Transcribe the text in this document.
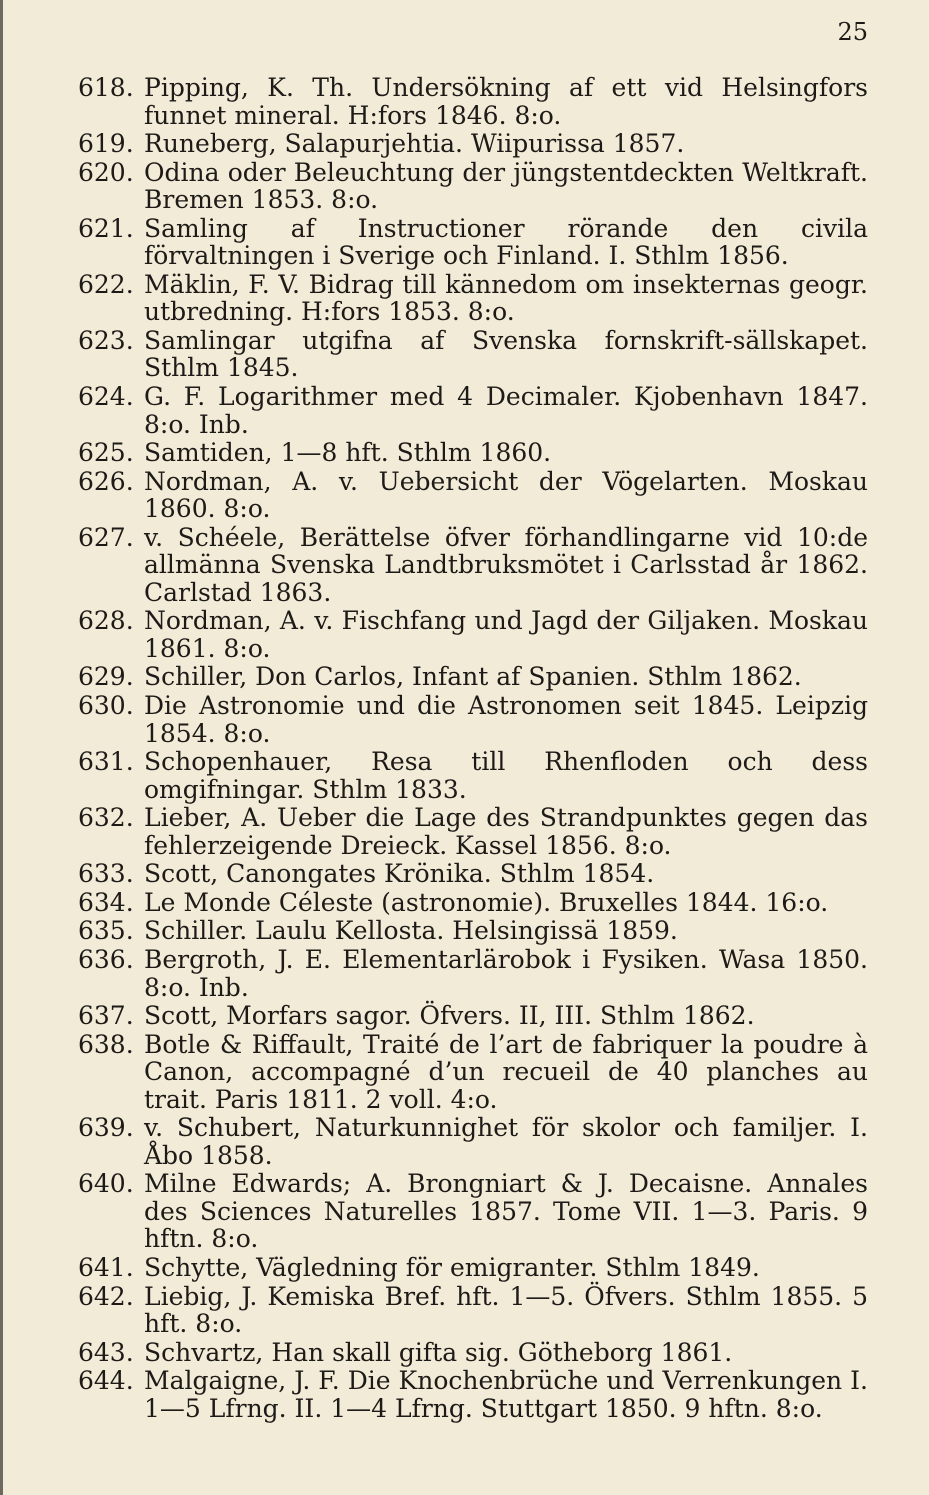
25
618. Pipping, K. Th. Undersökning af ett vid Helsingfors funnet mineral. H:fors 1846. 8:o.
619. Runeberg, Salapurjehtia. Wiipurissa 1857.
620. Odina oder Beleuchtung der jüngstentdeckten Weltkraft. Bremen 1853. 8:o.
621. Samling af Instructioner rörande den civila förvaltningen i Sverige och Finland. I. Sthlm 1856.
622. Mäklin, F. V. Bidrag till kännedom om insekternas geogr. utbredning. H:fors 1853. 8:o.
623. Samlingar utgifna af Svenska fornskrift-sällskapet. Sthlm 1845.
624. G. F. Logarithmer med 4 Decimaler. Kjobenhavn 1847. 8:o. Inb.
625. Samtiden, 1—8 hft. Sthlm 1860.
626. Nordman, A. v. Uebersicht der Vögelarten. Moskau 1860. 8:o.
627. v. Schéele, Berättelse öfver förhandlingarne vid 10:de allmänna Svenska Landtbruksmötet i Carlsstad år 1862. Carlstad 1863.
628. Nordman, A. v. Fischfang und Jagd der Giljaken. Moskau 1861. 8:o.
629. Schiller, Don Carlos, Infant af Spanien. Sthlm 1862.
630. Die Astronomie und die Astronomen seit 1845. Leipzig 1854. 8:o.
631. Schopenhauer, Resa till Rhenfloden och dess omgifningar. Sthlm 1833.
632. Lieber, A. Ueber die Lage des Strandpunktes gegen das fehlerzeigende Dreieck. Kassel 1856. 8:o.
633. Scott, Canongates Krönika. Sthlm 1854.
634. Le Monde Céleste (astronomie). Bruxelles 1844. 16:o.
635. Schiller. Laulu Kellosta. Helsingissä 1859.
636. Bergroth, J. E. Elementarlärobok i Fysiken. Wasa 1850. 8:o. Inb.
637. Scott, Morfars sagor. Öfvers. II, III. Sthlm 1862.
638. Botle & Riffault, Traité de l’art de fabriquer la poudre à Canon, accompagné d’un recueil de 40 planches au trait. Paris 1811. 2 voll. 4:o.
639. v. Schubert, Naturkunnighet för skolor och familjer. I. Åbo 1858.
640. Milne Edwards; A. Brongniart & J. Decaisne. Annales des Sciences Naturelles 1857. Tome VII. 1—3. Paris. 9 hftn. 8:o.
641. Schytte, Vägledning för emigranter. Sthlm 1849.
642. Liebig, J. Kemiska Bref. hft. 1—5. Öfvers. Sthlm 1855. 5 hft. 8:o.
643. Schvartz, Han skall gifta sig. Götheborg 1861.
644. Malgaigne, J. F. Die Knochenbrüche und Verrenkungen I. 1—5 Lfrng. II. 1—4 Lfrng. Stuttgart 1850. 9 hftn. 8:o.
